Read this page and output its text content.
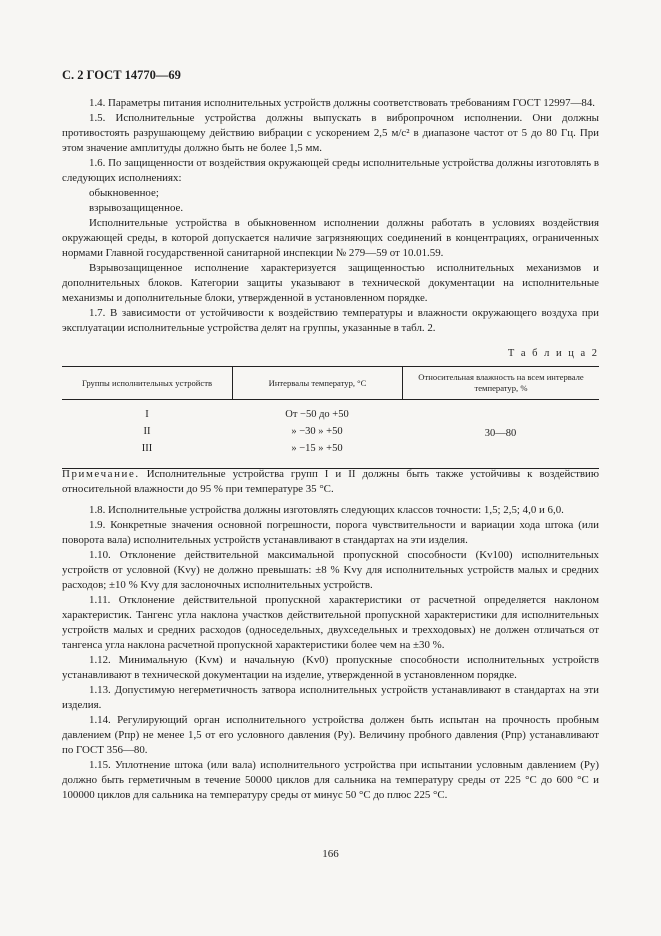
С. 2 ГОСТ 14770—69

1.4. Параметры питания исполнительных устройств должны соответствовать требованиям ГОСТ 12997—84.

1.5. Исполнительные устройства должны выпускать в вибропрочном исполнении. Они должны противостоять разрушающему действию вибрации с ускорением 2,5 м/с² в диапазоне частот от 5 до 80 Гц. При этом значение амплитуды должно быть не более 1,5 мм.

1.6. По защищенности от воздействия окружающей среды исполнительные устройства должны изготовлять в следующих исполнениях:

обыкновенное;

взрывозащищенное.

Исполнительные устройства в обыкновенном исполнении должны работать в условиях воздействия окружающей среды, в которой допускается наличие загрязняющих соединений в концентрациях, ограниченных нормами Главной государственной санитарной инспекции № 279—59 от 10.01.59.

Взрывозащищенное исполнение характеризуется защищенностью исполнительных механизмов и дополнительных блоков. Категории защиты указывают в технической документации на исполнительные механизмы и дополнительные блоки, утвержденной в установленном порядке.

1.7. В зависимости от устойчивости к воздействию температуры и влажности окружающего воздуха при эксплуатации исполнительные устройства делят на группы, указанные в табл. 2.

Т а б л и ц а 2
Группы исполнительных устройств	Интервалы температур, °С
Относительная влажность на всем интервале температур, %
I
II
III
От −50 до +50
» −30 » +50
» −15 » +50
30—80
Примечание. Исполнительные устройства групп I и II должны быть также устойчивы к воздействию относительной влажности до 95 % при температуре 35 °С.

1.8. Исполнительные устройства должны изготовлять следующих классов точности: 1,5; 2,5; 4,0 и 6,0.

1.9. Конкретные значения основной погрешности, порога чувствительности и вариации хода штока (или поворота вала) исполнительных устройств устанавливают в стандартах на эти изделия.

1.10. Отклонение действительной максимальной пропускной способности (Kv100) исполнительных устройств от условной (Kvy) не должно превышать: ±8 % Kvy для исполнительных устройств малых и средних расходов; ±10 % Kvy для заслоночных исполнительных устройств.

1.11. Отклонение действительной пропускной характеристики от расчетной определяется наклоном характеристик. Тангенс угла наклона участков действительной пропускной характеристики для исполнительных устройств малых и средних расходов (односедельных, двухседельных и трехходовых) не должен отличаться от тангенса угла наклона расчетной пропускной характеристики более чем на ±30 %.

1.12. Минимальную (Kvм) и начальную (Kv0) пропускные способности исполнительных устройств устанавливают в технической документации на изделие, утвержденной в установленном порядке.

1.13. Допустимую негерметичность затвора исполнительных устройств устанавливают в стандартах на эти изделия.

1.14. Регулирующий орган исполнительного устройства должен быть испытан на прочность пробным давлением (Pпр) не менее 1,5 от его условного давления (Pу). Величину пробного давления (Pпр) устанавливают по ГОСТ 356—80.

1.15. Уплотнение штока (или вала) исполнительного устройства при испытании условным давлением (Pу) должно быть герметичным в течение 50000 циклов для сальника на температуру среды от 225 °С до 600 °С и 100000 циклов для сальника на температуру среды от минус 50 °С до плюс 225 °С.

166
